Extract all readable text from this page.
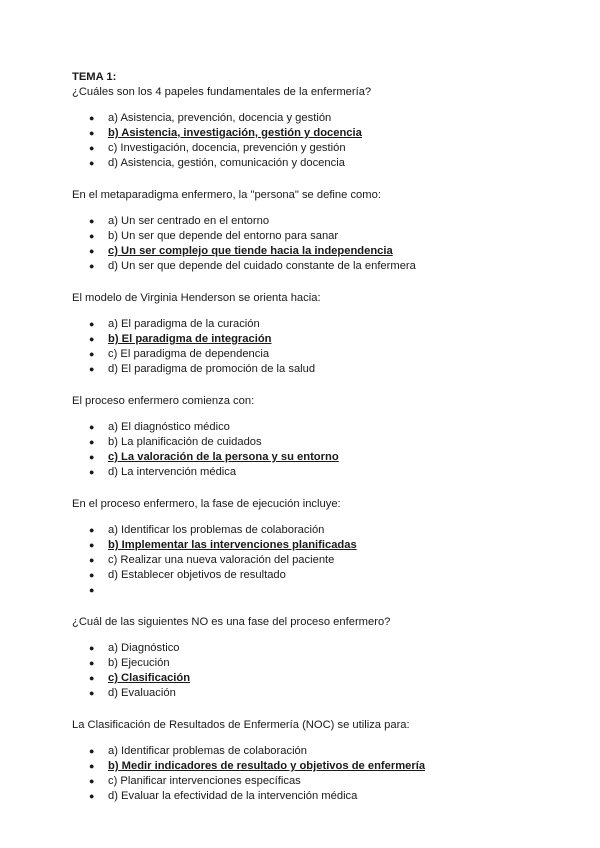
TEMA 1:

¿Cuáles son los 4 papeles fundamentales de la enfermería?

● a) Asistencia, prevención, docencia y gestión
● b) Asistencia, investigación, gestión y docencia
● c) Investigación, docencia, prevención y gestión
● d) Asistencia, gestión, comunicación y docencia

En el metaparadigma enfermero, la "persona" se define como:

● a) Un ser centrado en el entorno
● b) Un ser que depende del entorno para sanar
● c) Un ser complejo que tiende hacia la independencia
● d) Un ser que depende del cuidado constante de la enfermera

El modelo de Virginia Henderson se orienta hacia:

● a) El paradigma de la curación
● b) El paradigma de integración
● c) El paradigma de dependencia
● d) El paradigma de promoción de la salud

El proceso enfermero comienza con:

● a) El diagnóstico médico
● b) La planificación de cuidados
● c) La valoración de la persona y su entorno
● d) La intervención médica

En el proceso enfermero, la fase de ejecución incluye:

● a) Identificar los problemas de colaboración
● b) Implementar las intervenciones planificadas
● c) Realizar una nueva valoración del paciente
● d) Establecer objetivos de resultado
●

¿Cuál de las siguientes NO es una fase del proceso enfermero?

● a) Diagnóstico
● b) Ejecución
● c) Clasificación
● d) Evaluación

La Clasificación de Resultados de Enfermería (NOC) se utiliza para:

● a) Identificar problemas de colaboración
● b) Medir indicadores de resultado y objetivos de enfermería
● c) Planificar intervenciones específicas
● d) Evaluar la efectividad de la intervención médica
